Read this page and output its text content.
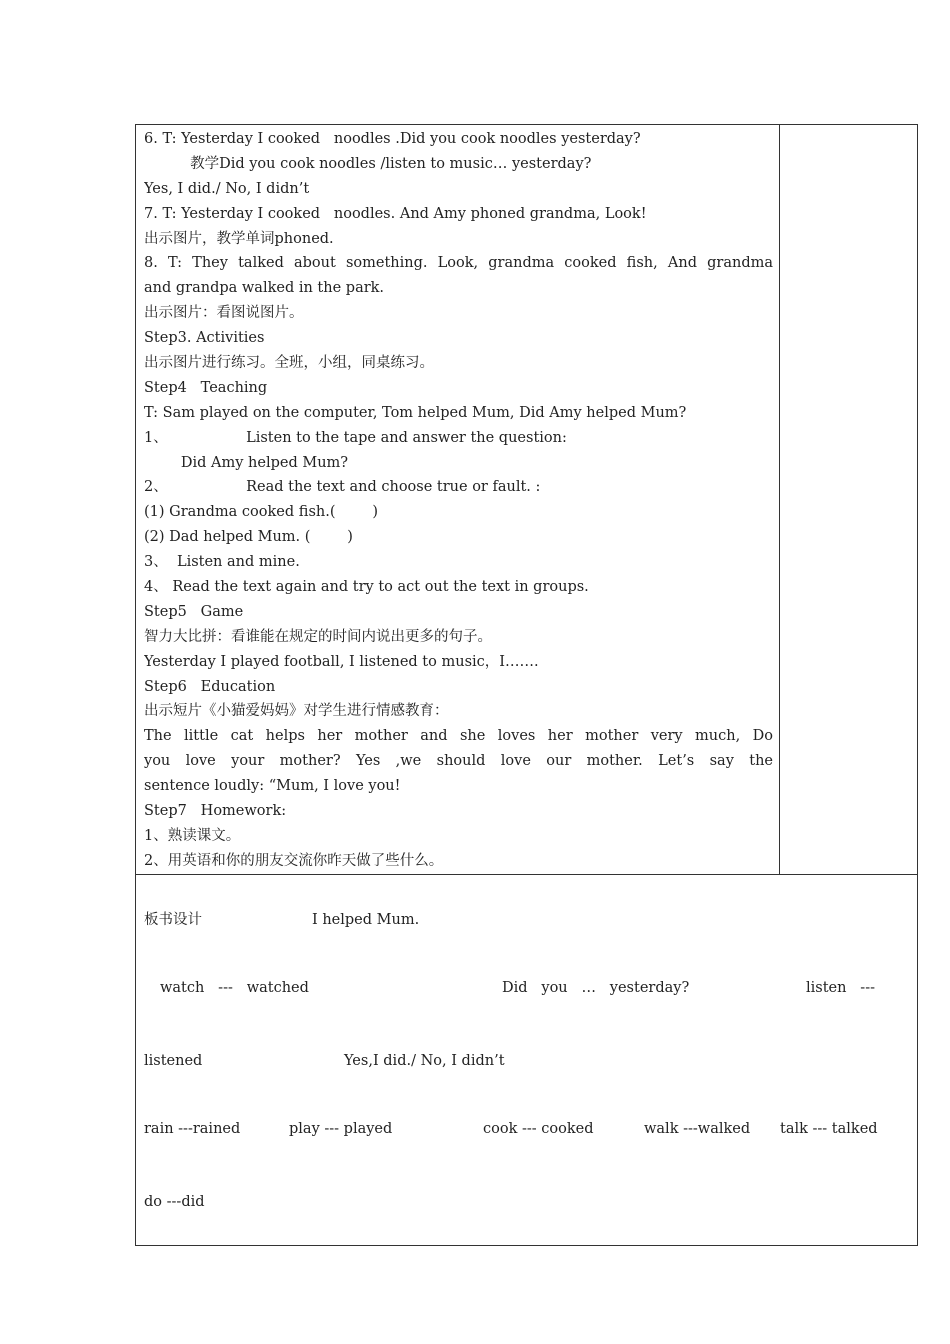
6. T: Yesterday I cooked   noodles .Did you cook noodles yesterday?
教学Did you cook noodles /listen to music… yesterday?
Yes, I did./ No, I didn’t
7. T: Yesterday I cooked   noodles. And Amy phoned grandma, Look!
出示图片，教学单词phoned.
8. T: They talked about something. Look, grandma cooked fish, And grandma
and grandpa walked in the park.
出示图片：看图说图片。
Step3. Activities
出示图片进行练习。全班，小组，同桌练习。
Step4   Teaching
T: Sam played on the computer, Tom helped Mum, Did Amy helped Mum?
1、                 Listen to the tape and answer the question:
Did Amy helped Mum?
2、                 Read the text and choose true or fault. :
(1) Grandma cooked fish.(        )
(2) Dad helped Mum. (        )
3、  Listen and mine.
4、 Read the text again and try to act out the text in groups.
Step5   Game
智力大比拼：看谁能在规定的时间内说出更多的句子。
Yesterday I played football, I listened to music，I…….
Step6   Education
出示短片《小猫爱妈妈》对学生进行情感教育：
The little cat helps her mother and she loves her mother very much, Do
you love your mother? Yes ,we should love our mother. Let’s say the
sentence loudly: “Mum, I love you!
Step7   Homework:
1、熟读课文。
2、用英语和你的朋友交流你昨天做了些什么。

板书设计

	I helped Mum.

watch   ---   watched

	Did   you   …   yesterday?

	listen   ---

listened

	Yes,I did./ No, I didn’t

rain ---rained

	play --- played

	cook --- cooked

	walk ---walked

talk --- talked

do ---did
